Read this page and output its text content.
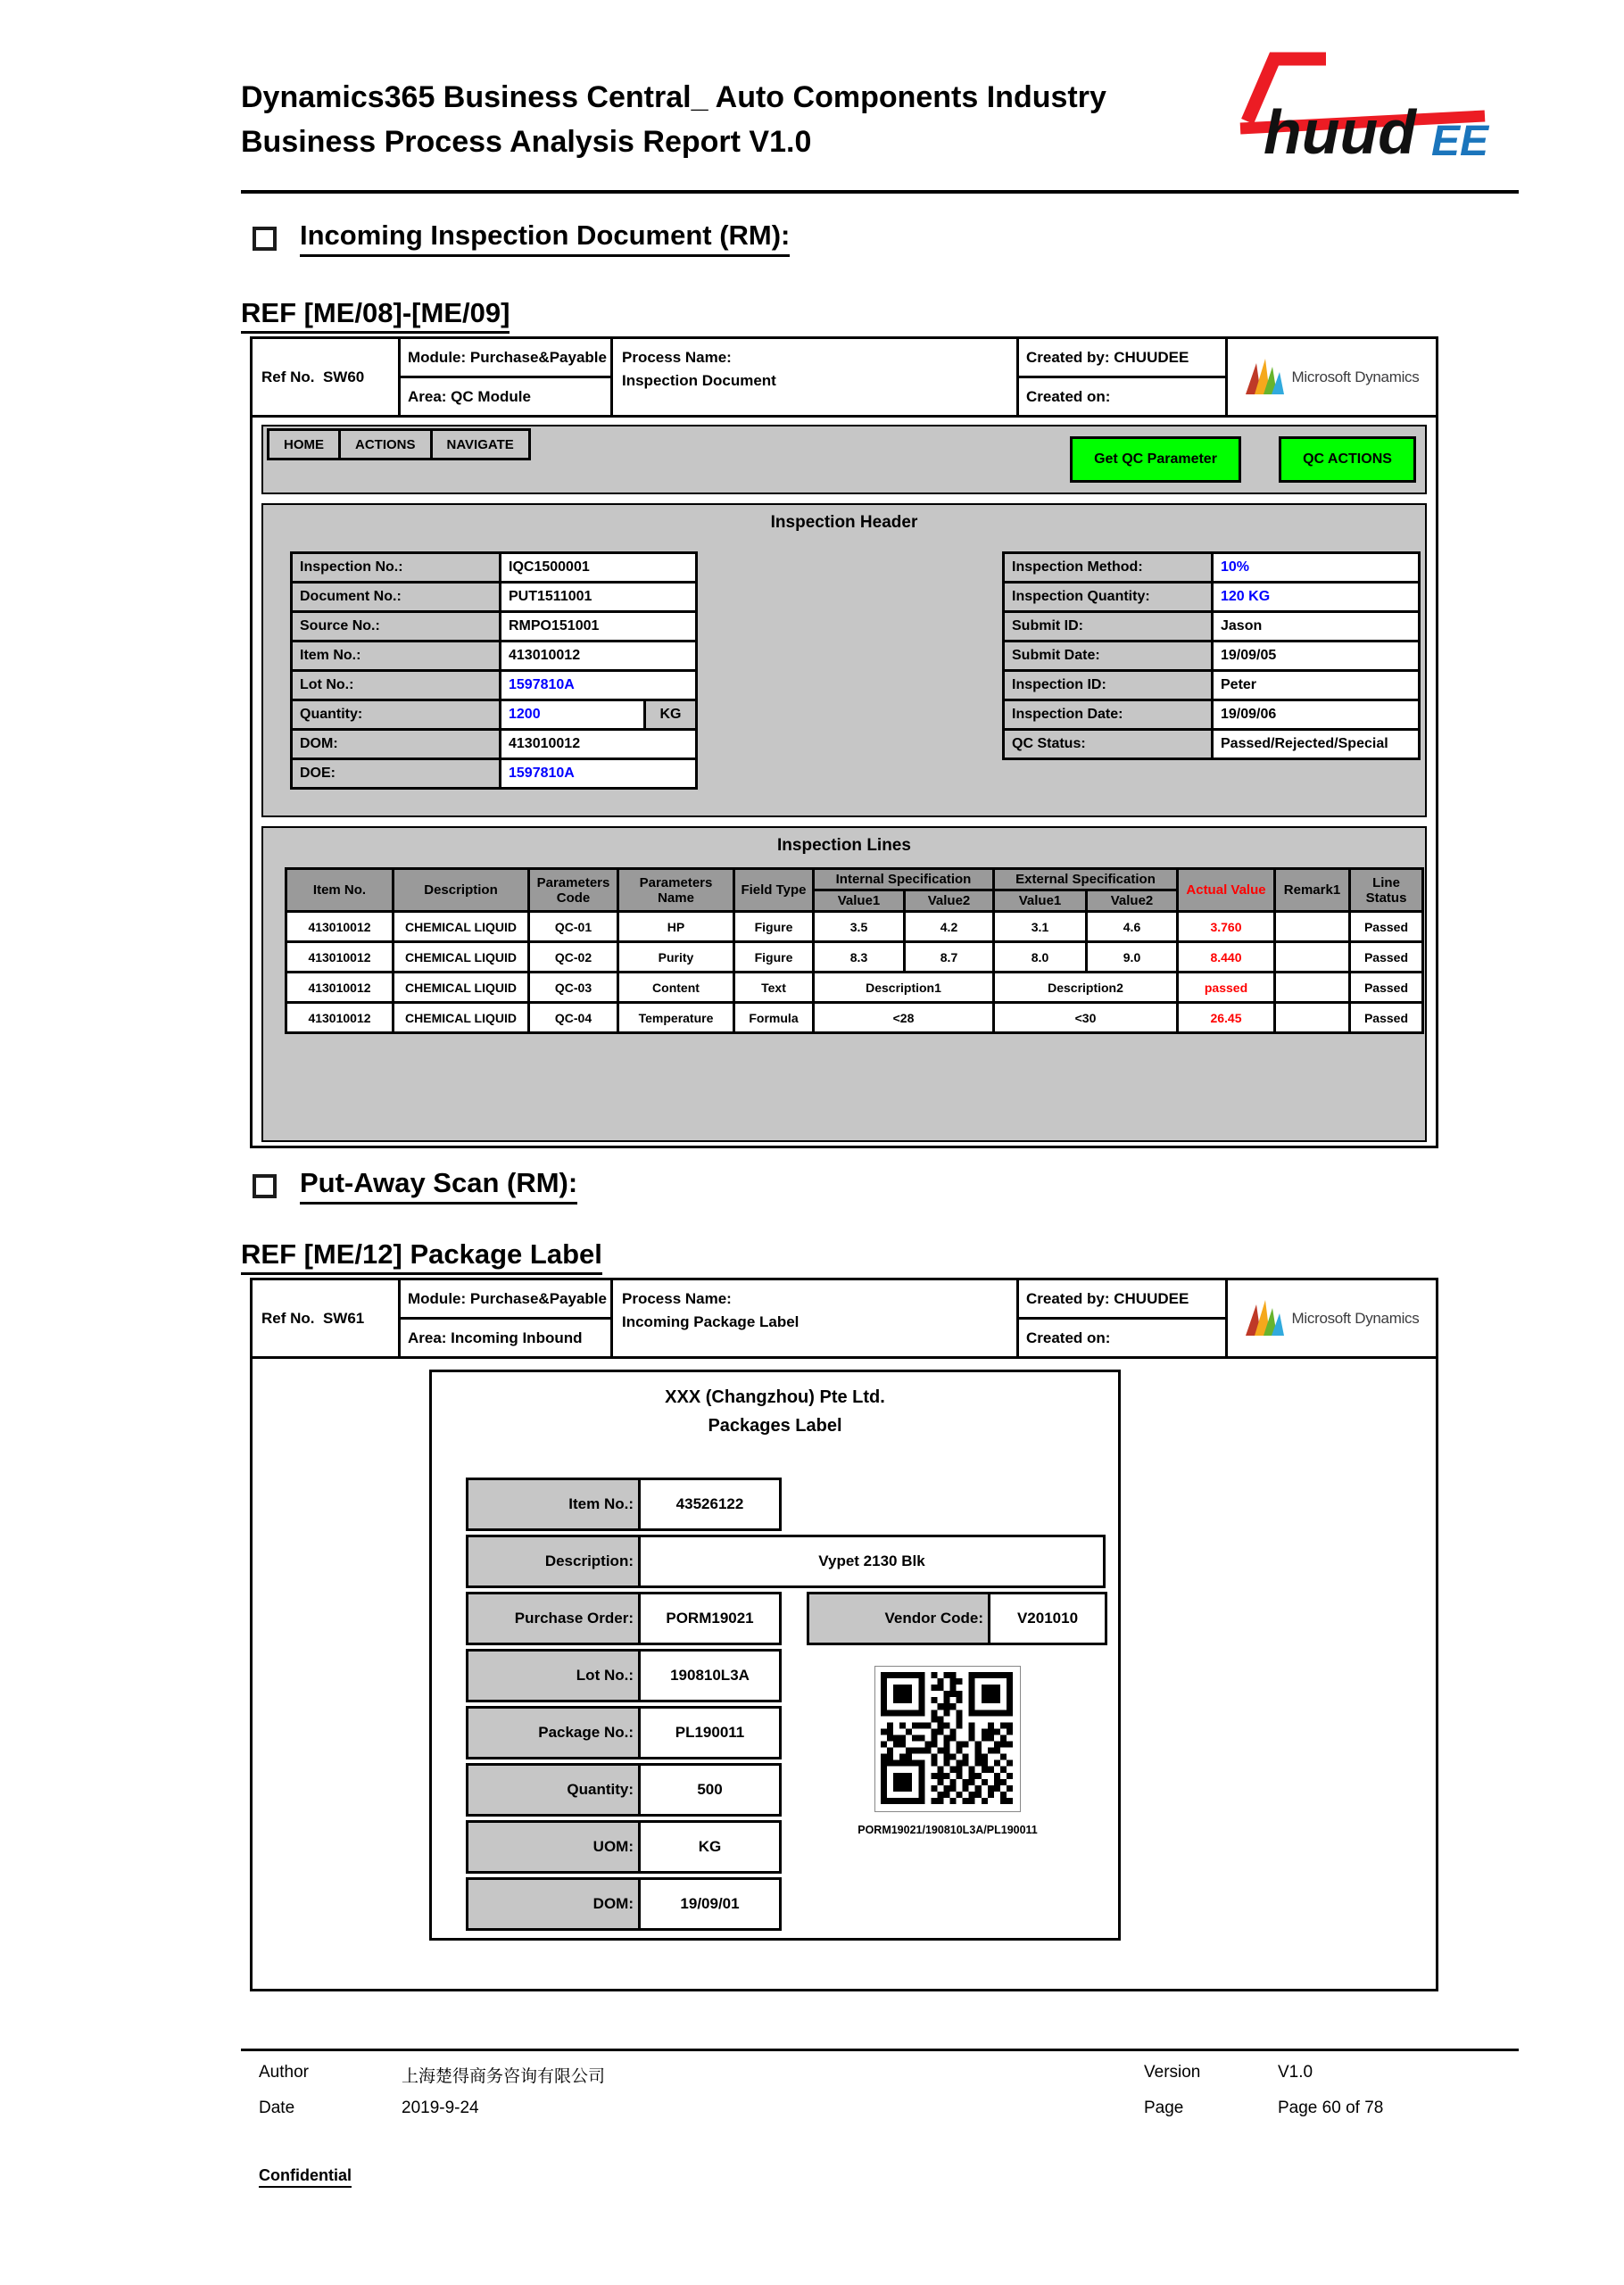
Dynamics365 Business Central_ Auto Components Industry
Business Process Analysis Report V1.0	huud EE
Incoming Inspection Document (RM):
REF [ME/08]-[ME/09]
Ref No.  SW60
Module: Purchase&Payable
Area: QC Module
Process Name:
Inspection Document
Created by: CHUUDEE
Created on:
Microsoft Dynamics
HOME	ACTIONS	NAVIGATE
Get QC Parameter	QC ACTIONS
Inspection Header
Inspection No.:	IQC1500001
Document No.:	PUT1511001
Source No.:	RMPO151001
Item No.:	413010012
Lot No.:	1597810A
Quantity:	1200 KG

DOM:	413010012
DOE:	1597810A
Inspection Method:	10%
Inspection Quantity:	120 KG
Submit ID:	Jason
Submit Date:	19/09/05
Inspection ID:	Peter
Inspection Date:	19/09/06
QC Status:	Passed/Rejected/Special
Inspection Lines
Item No.	Description	Parameters Code	Parameters Name	Field Type	Internal Specification		External Specification		Actual Value	Remark1	Line Status
					Value1	Value2	Value1	Value2			
413010012	CHEMICAL LIQUID	QC-01	HP	Figure	3.5	4.2	3.1	4.6	3.760		Passed
413010012	CHEMICAL LIQUID	QC-02	Purity	Figure	8.3	8.7	8.0	9.0	8.440		Passed
413010012	CHEMICAL LIQUID	QC-03	Content	Text	Description1		Description2		passed		Passed
413010012	CHEMICAL LIQUID	QC-04	Temperature	Formula	<28		<30		26.45		Passed
Put-Away Scan (RM):
REF [ME/12] Package Label
Ref No.  SW61
Module: Purchase&Payable
Area: Incoming Inbound
Process Name:
Incoming Package Label
Created by: CHUUDEE
Created on:
Microsoft Dynamics
XXX (Changzhou) Pte Ltd.
Packages Label
Item No.:	43526122
Description:	Vypet 2130 Blk
Purchase Order:	PORM19021	Vendor Code:	V201010
Lot No.:	190810L3A
Package No.:	PL190011
Quantity:	500
UOM:	KG
DOM:	19/09/01
PORM19021/190810L3A/PL190011
Author	上海楚得商务咨询有限公司
Date	2019-9-24
Version	V1.0
Page	Page 60 of 78
Confidential
